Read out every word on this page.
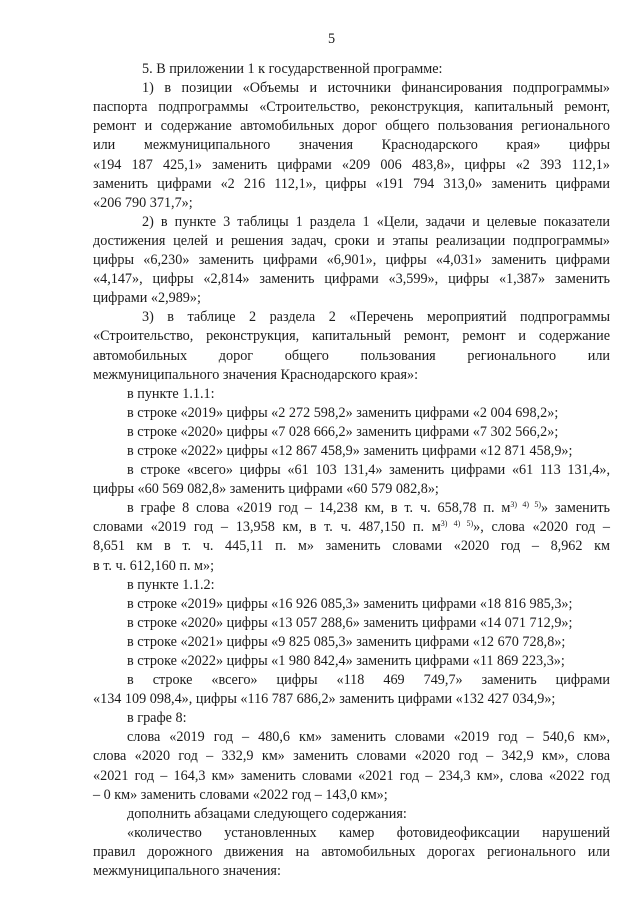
5
5. В приложении 1 к государственной программе:
1) в позиции «Объемы и источники финансирования подпрограммы»
паспорта подпрограммы «Строительство, реконструкция, капитальный ремонт,
ремонт и содержание автомобильных дорог общего пользования регионального
или межмуниципального значения Краснодарского края» цифры
«194 187 425,1» заменить цифрами «209 006 483,8», цифры «2 393 112,1»
заменить цифрами «2 216 112,1», цифры «191 794 313,0» заменить цифрами
«206 790 371,7»;
2) в пункте 3 таблицы 1 раздела 1 «Цели, задачи и целевые показатели
достижения целей и решения задач, сроки и этапы реализации подпрограммы»
цифры «6,230» заменить цифрами «6,901», цифры «4,031» заменить цифрами
«4,147», цифры «2,814» заменить цифрами «3,599», цифры «1,387» заменить
цифрами «2,989»;
3) в таблице 2 раздела 2 «Перечень мероприятий подпрограммы
«Строительство, реконструкция, капитальный ремонт, ремонт и содержание
автомобильных дорог общего пользования регионального или
межмуниципального значения Краснодарского края»:
в пункте 1.1.1:
в строке «2019» цифры «2 272 598,2» заменить цифрами «2 004 698,2»;
в строке «2020» цифры «7 028 666,2» заменить цифрами «7 302 566,2»;
в строке «2022» цифры «12 867 458,9» заменить цифрами «12 871 458,9»;
в строке «всего» цифры «61 103 131,4» заменить цифрами «61 113 131,4»,
цифры «60 569 082,8» заменить цифрами «60 579 082,8»;
в графе 8 слова «2019 год – 14,238 км, в т. ч. 658,78 п. $м^{3) 4) 5)}$» заменить
словами «2019 год – 13,958 км, в т. ч. 487,150 п. $м^{3) 4) 5)}$», слова «2020 год –
8,651 км в т. ч. 445,11 п. м» заменить словами «2020 год – 8,962 км
в т. ч. 612,160 п. м»;
в пункте 1.1.2:
в строке «2019» цифры «16 926 085,3» заменить цифрами «18 816 985,3»;
в строке «2020» цифры «13 057 288,6» заменить цифрами «14 071 712,9»;
в строке «2021» цифры «9 825 085,3» заменить цифрами «12 670 728,8»;
в строке «2022» цифры «1 980 842,4» заменить цифрами «11 869 223,3»;
в строке «всего» цифры «118 469 749,7» заменить цифрами
«134 109 098,4», цифры «116 787 686,2» заменить цифрами «132 427 034,9»;
в графе 8:
слова «2019 год – 480,6 км» заменить словами «2019 год – 540,6 км»,
слова «2020 год – 332,9 км» заменить словами «2020 год – 342,9 км», слова
«2021 год – 164,3 км» заменить словами «2021 год – 234,3 км», слова «2022 год
– 0 км» заменить словами «2022 год – 143,0 км»;
дополнить абзацами следующего содержания:
«количество установленных камер фотовидеофиксации нарушений
правил дорожного движения на автомобильных дорогах регионального или
межмуниципального значения:
